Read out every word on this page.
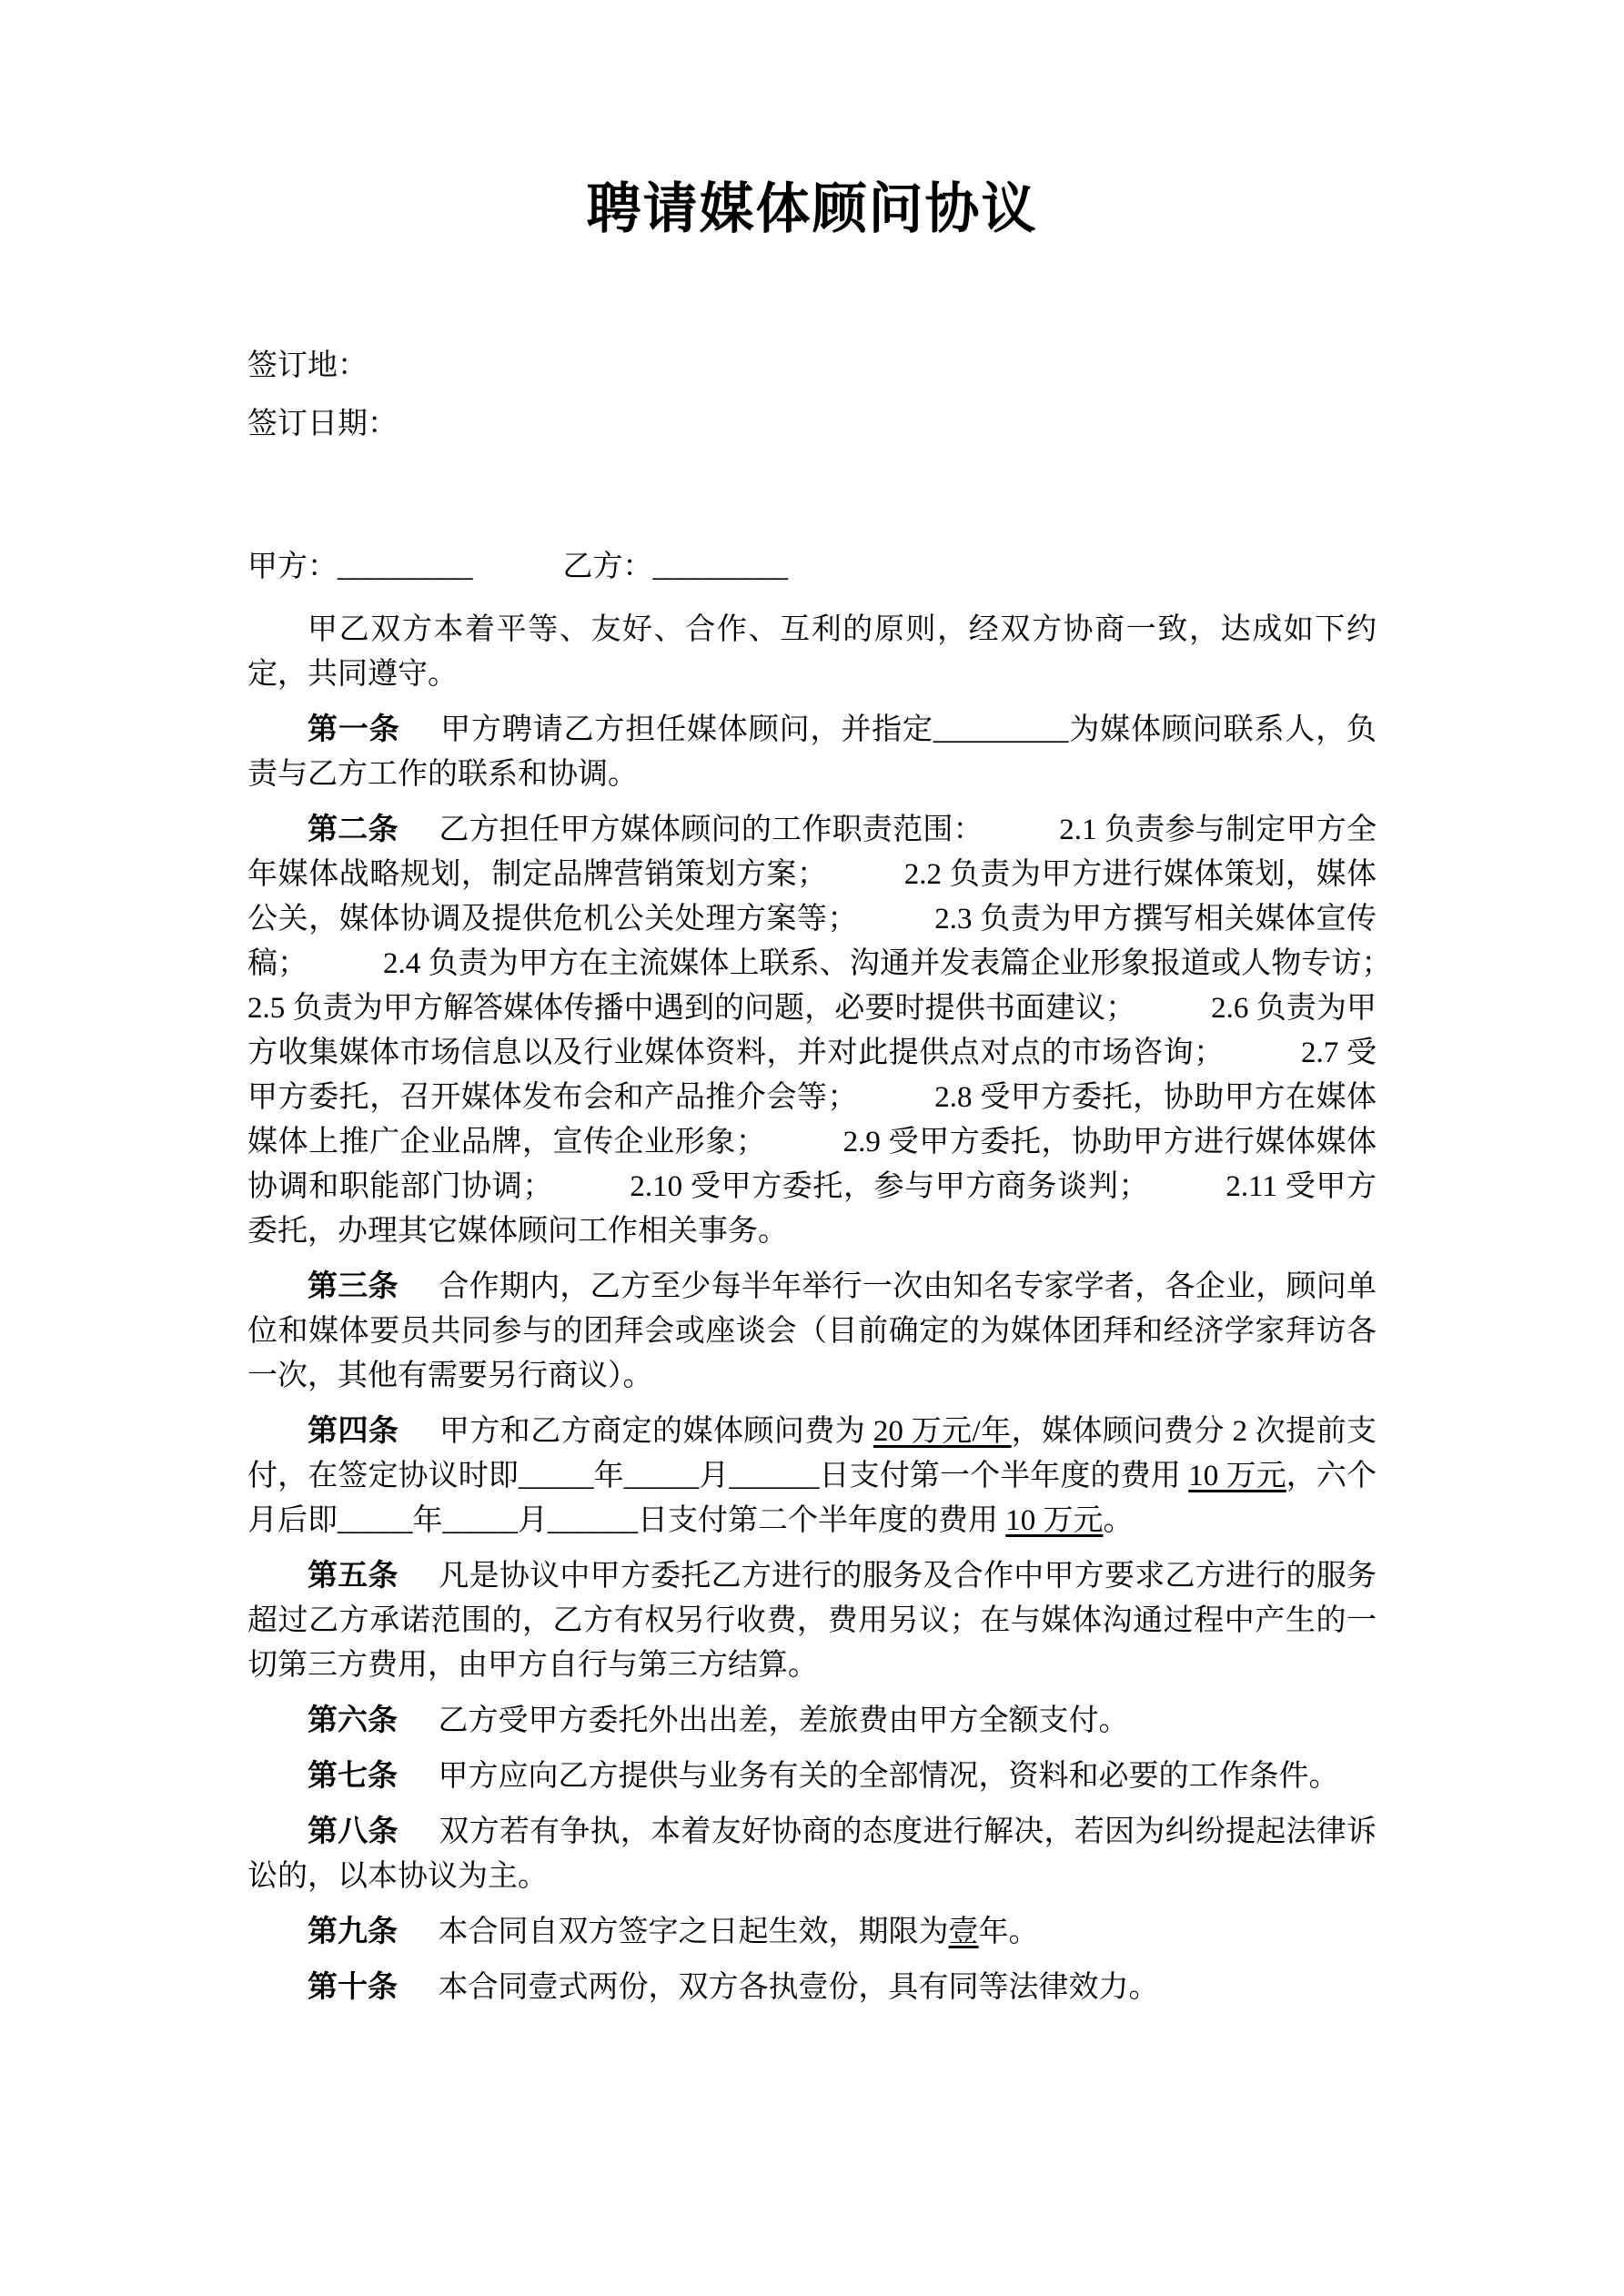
聘请媒体顾问协议
签订地：
签订日期：
甲方：_________　　　乙方：_________

甲乙双方本着平等、友好、合作、互利的原则，经双方协商一致，达成如下约定，共同遵守。

第一条 甲方聘请乙方担任媒体顾问，并指定_________为媒体顾问联系人，负责与乙方工作的联系和协调。

第二条 乙方担任甲方媒体顾问的工作职责范围：　　　2.1 负责参与制定甲方全年媒体战略规划，制定品牌营销策划方案；　　　2.2 负责为甲方进行媒体策划，媒体公关，媒体协调及提供危机公关处理方案等；　　　2.3 负责为甲方撰写相关媒体宣传稿；　　　2.4 负责为甲方在主流媒体上联系、沟通并发表篇企业形象报道或人物专访；　　　2.5 负责为甲方解答媒体传播中遇到的问题，必要时提供书面建议；　　　2.6 负责为甲方收集媒体市场信息以及行业媒体资料，并对此提供点对点的市场咨询；　　　2.7 受甲方委托，召开媒体发布会和产品推介会等；　　　2.8 受甲方委托，协助甲方在媒体媒体上推广企业品牌，宣传企业形象；　　　2.9 受甲方委托，协助甲方进行媒体媒体协调和职能部门协调；　　　2.10 受甲方委托，参与甲方商务谈判；　　　2.11 受甲方委托，办理其它媒体顾问工作相关事务。

第三条 合作期内，乙方至少每半年举行一次由知名专家学者，各企业，顾问单位和媒体要员共同参与的团拜会或座谈会（目前确定的为媒体团拜和经济学家拜访各一次，其他有需要另行商议）。

第四条 甲方和乙方商定的媒体顾问费为 20 万元/年，媒体顾问费分 2 次提前支付，在签定协议时即_____年_____月______日支付第一个半年度的费用 10 万元，六个月后即_____年_____月______日支付第二个半年度的费用 10 万元。

第五条 凡是协议中甲方委托乙方进行的服务及合作中甲方要求乙方进行的服务超过乙方承诺范围的，乙方有权另行收费，费用另议；在与媒体沟通过程中产生的一切第三方费用，由甲方自行与第三方结算。

第六条 乙方受甲方委托外出出差，差旅费由甲方全额支付。

第七条 甲方应向乙方提供与业务有关的全部情况，资料和必要的工作条件。

第八条 双方若有争执，本着友好协商的态度进行解决，若因为纠纷提起法律诉讼的，以本协议为主。

第九条 本合同自双方签字之日起生效，期限为壹年。

第十条 本合同壹式两份，双方各执壹份，具有同等法律效力。
